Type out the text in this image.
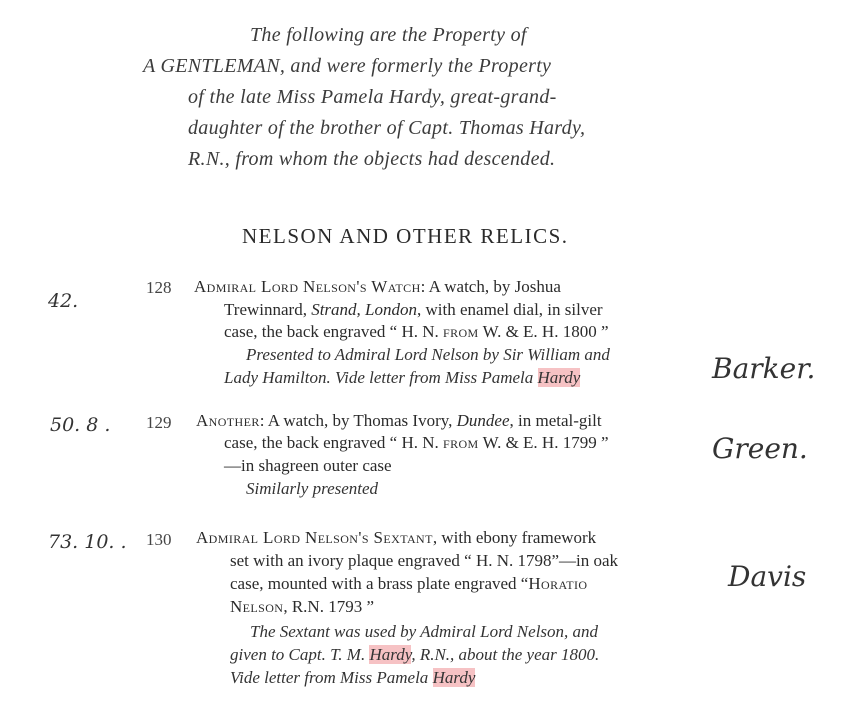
The following are the Property of
A GENTLEMAN, and were formerly the Property
of the late Miss Pamela Hardy, great-grand-
daughter of the brother of Capt. Thomas Hardy,
R.N., from whom the objects had descended.
NELSON AND OTHER RELICS.
42.
128 Admiral Lord Nelson's Watch: A watch, by Joshua
Trewinnard, Strand, London, with enamel dial, in silver
case, the back engraved “ H. N. from W. & E. H. 1800 ”
Presented to Admiral Lord Nelson by Sir William and
Lady Hamilton. Vide letter from Miss Pamela Hardy	Barker.
50. 8 . 129 Another: A watch, by Thomas Ivory, Dundee, in metal-gilt
case, the back engraved “ H. N. from W. & E. H. 1799 ”
—in shagreen outer case
Similarly presented
Green.
73. 10. . 130 Admiral Lord Nelson's Sextant, with ebony framework
set with an ivory plaque engraved “ H. N. 1798”—in oak
case, mounted with a brass plate engraved “Horatio
Nelson, R.N. 1793 ”
The Sextant was used by Admiral Lord Nelson, and
given to Capt. T. M. Hardy, R.N., about the year 1800.
Vide letter from Miss Pamela Hardy
Davis
